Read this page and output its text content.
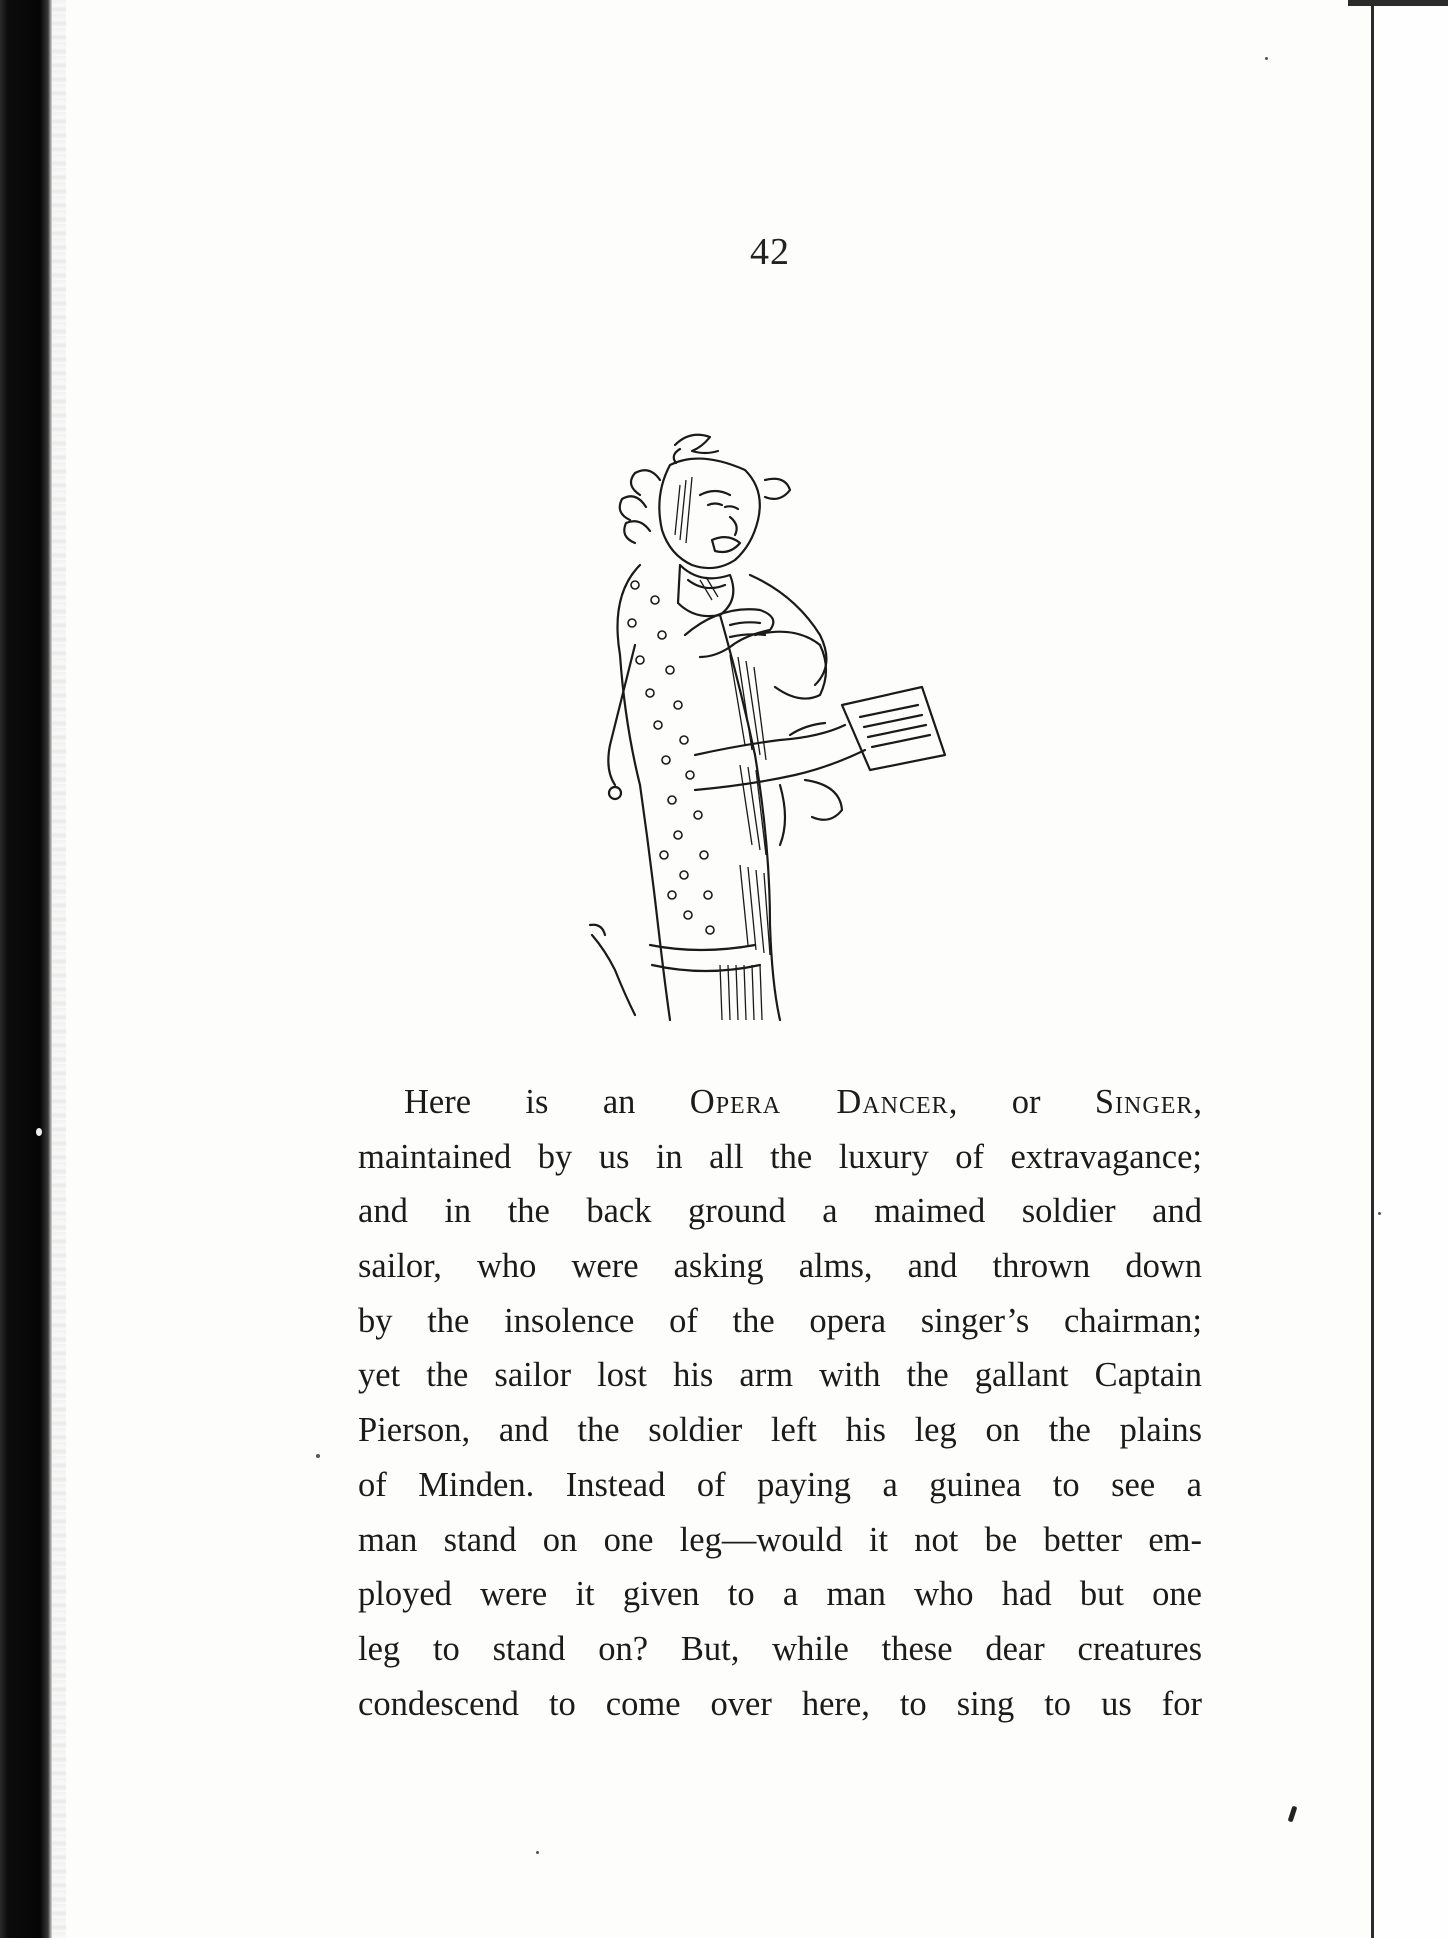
42
Here is an Opera Dancer, or Singer,
maintained by us in all the luxury of extravagance;
and in the back ground a maimed soldier and
sailor, who were asking alms, and thrown down
by the insolence of the opera singer’s chairman;
yet the sailor lost his arm with the gallant Captain
Pierson, and the soldier left his leg on the plains
of Minden. Instead of paying a guinea to see a
man stand on one leg—would it not be better em-
ployed were it given to a man who had but one
leg to stand on? But, while these dear creatures
condescend to come over here, to sing to us for
